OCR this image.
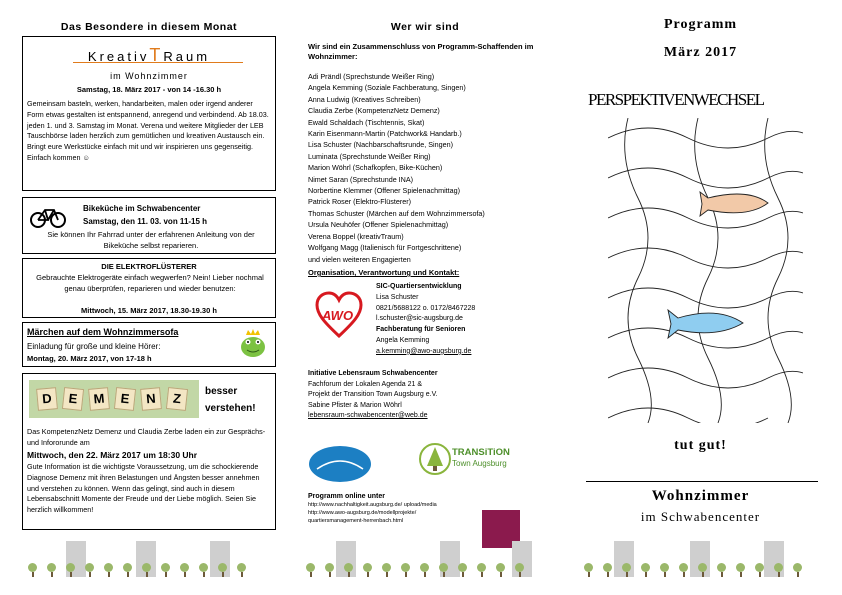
Das Besondere in diesem Monat
KreativTRaum
im Wohnzimmer
Samstag, 18. März 2017 - von 14 -16.30 h
Gemeinsam basteln, werken, handarbeiten, malen oder irgend anderer Form etwas gestalten ist entspannend, anregend und verbindend. Ab 18.03. jeden 1. und 3. Samstag im Monat. Verena und weitere Mitglieder der LEB Tauschbörse laden herzlich zum gemütlichen und kreativen Austausch ein. Bringt eure Werkstücke einfach mit und wir inspirieren uns gegenseitig. Einfach kommen ☺
Bikeküche im Schwabencenter
Samstag, den 11. 03. von 11-15 h
Sie können Ihr Fahrrad unter der erfahrenen Anleitung von der Bikeküche selbst reparieren.
DIE ELEKTROFLÜSTERER
Gebrauchte Elektrogeräte einfach wegwerfen? Nein! Lieber nochmal genau überprüfen, reparieren und wieder benutzen:
Mittwoch, 15. März 2017, 18.30-19.30 h
Märchen auf dem Wohnzimmersofa
Einladung für große und kleine Hörer:
Montag, 20. März 2017, von 17-18 h
D E M E N Z	besser
verstehen!
Das KompetenzNetz Demenz und Claudia Zerbe laden ein zur Gesprächs- und Infororunde am
Mittwoch, den 22. März 2017 um 18:30 Uhr
Gute Information ist die wichtigste Voraussetzung, um die schockierende Diagnose Demenz mit ihren Belastungen und Ängsten besser annehmen und verstehen zu können. Wenn das gelingt, sind auch in diesem Lebensabschnitt Momente der Freude und der Liebe möglich. Seien Sie herzlich willkommen!
Wer wir sind
Wir sind ein Zusammenschluss von Programm-Schaffenden im Wohnzimmer:
Adi Prändl (Sprechstunde Weißer Ring)
Angela Kemming (Soziale Fachberatung, Singen)
Anna Ludwig (Kreatives Schreiben)
Claudia Zerbe (KompetenzNetz Demenz)
Ewald Schaldach (Tischtennis, Skat)
Karin Eisenmann-Martin (Patchwork& Handarb.)
Lisa Schuster (Nachbarschaftsrunde, Singen)
Luminata (Sprechstunde Weißer Ring)
Marion Wöhrl (Schafkopfen, Bike-Küchen)
Nimet Saran (Sprechstunde INA)
Norbertine Klemmer (Offener Spielenachmittag)
Patrick Roser (Elektro-Flüsterer)
Thomas Schuster (Märchen auf dem Wohnzimmersofa)
Ursula Neuhöfer (Offener Spielenachmittag)
Verena Boppel (kreativTraum)
Wolfgang Magg (Italienisch für Fortgeschrittene)
und vielen weiteren Engagierten
Organisation, Verantwortung und Kontakt:
AWO
SIC-Quartiersentwicklung
Lisa Schuster
0821/5688122 o. 0172/8467228
l.schuster@sic-augsburg.de
Fachberatung für Senioren
Angela Kemming
a.kemming@awo-augsburg.de
Initiative Lebensraum Schwabencenter
Fachforum der Lokalen Agenda 21 &
Projekt der Transition Town Augsburg e.V.
Sabine Pfister & Marion Wöhrl
lebensraum-schwabencenter@web.de
TRANSiTiON
Town Augsburg
Programm online unter
http://www.nachhaltigkeit.augsburg.de/ upload/media
http://www.awo-augsburg.de/modellprojekte/
quartiersmanagement-herrenbach.html
Programm
März 2017
PERSPEKTIVENWECHSEL
tut gut!
Wohnzimmer
im Schwabencenter
